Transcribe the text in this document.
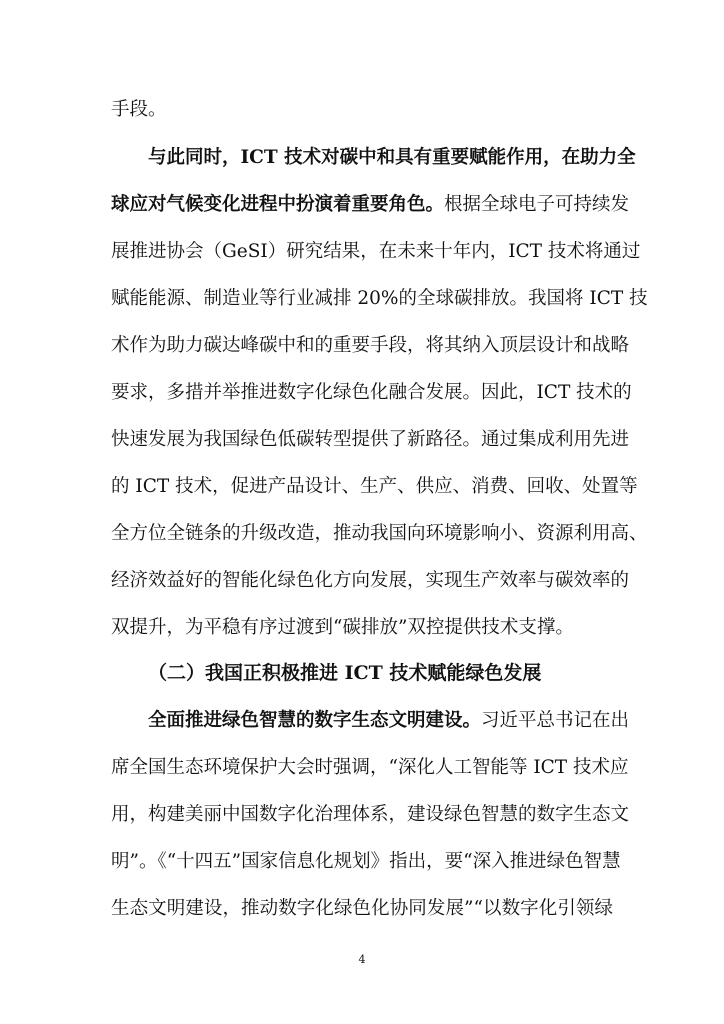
手段。
与此同时，ICT 技术对碳中和具有重要赋能作用，在助力全
球应对气候变化进程中扮演着重要角色。根据全球电子可持续发
展推进协会（GeSI）研究结果，在未来十年内，ICT 技术将通过
赋能能源、制造业等行业减排 20%的全球碳排放。我国将 ICT 技
术作为助力碳达峰碳中和的重要手段，将其纳入顶层设计和战略
要求，多措并举推进数字化绿色化融合发展。因此，ICT 技术的
快速发展为我国绿色低碳转型提供了新路径。通过集成利用先进
的 ICT 技术，促进产品设计、生产、供应、消费、回收、处置等
全方位全链条的升级改造，推动我国向环境影响小、资源利用高、
经济效益好的智能化绿色化方向发展，实现生产效率与碳效率的
双提升，为平稳有序过渡到“碳排放”双控提供技术支撑。
（二）我国正积极推进 ICT 技术赋能绿色发展
全面推进绿色智慧的数字生态文明建设。习近平总书记在出
席全国生态环境保护大会时强调，“深化人工智能等 ICT 技术应
用，构建美丽中国数字化治理体系，建设绿色智慧的数字生态文
明”。《“十四五”国家信息化规划》指出，要“深入推进绿色智慧
生态文明建设，推动数字化绿色化协同发展”“以数字化引领绿
4
